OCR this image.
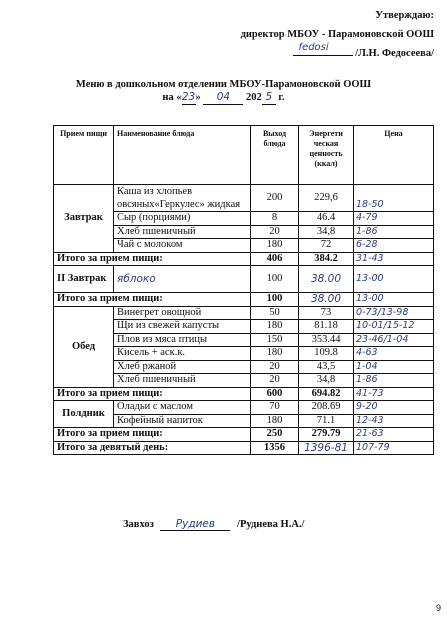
Утверждаю:
директор МБОУ - Парамоновской ООШ
fedosi
/Л.Н. Федосеева/
Меню в дошкольном отделении МБОУ-Парамоновской ООШ
на «23» 04 202 5 г.
Прием пищи	Наименование блюда	Выход блюда	Энергети ческая ценность (ккал)	Цена
Завтрак	Каша из хлопьев овсяных«Геркулес» жидкая	200	229,6	18-50
	Сыр (порциями)	8	46.4	4-79
	Хлеб пшеничный	20	34,8	1-86
	Чай с молоком	180	72	6-28
Итого за прием пищи:		406	384.2	31-43
II Завтрак	яблоко	100	38.00	13-00
Итого за прием пищи:		100	38.00	13-00
Обед	Винегрет овощной	50	73	0-73/13-98
	Щи из свежей капусты	180	81.18	10-01/15-12
	Плов из мяса птицы	150	353.44	23-46/1-04
	Кисель + аск.к.	180	109.8	4-63
	Хлеб ржаной	20	43,5	1-04
	Хлеб пшеничный	20	34,8	1-86
Итого за прием пищи:		600	694.82	41-73
Полдник	Оладьи с маслом	70	208.69	9-20
	Кофейный напиток	180	71.1	12-43
Итого за прием пищи:		250	279.79	21-63
Итого за девятый день:		1356	1396-81	107-79
Завхоз Рудиев /Руднева Н.А./
9
